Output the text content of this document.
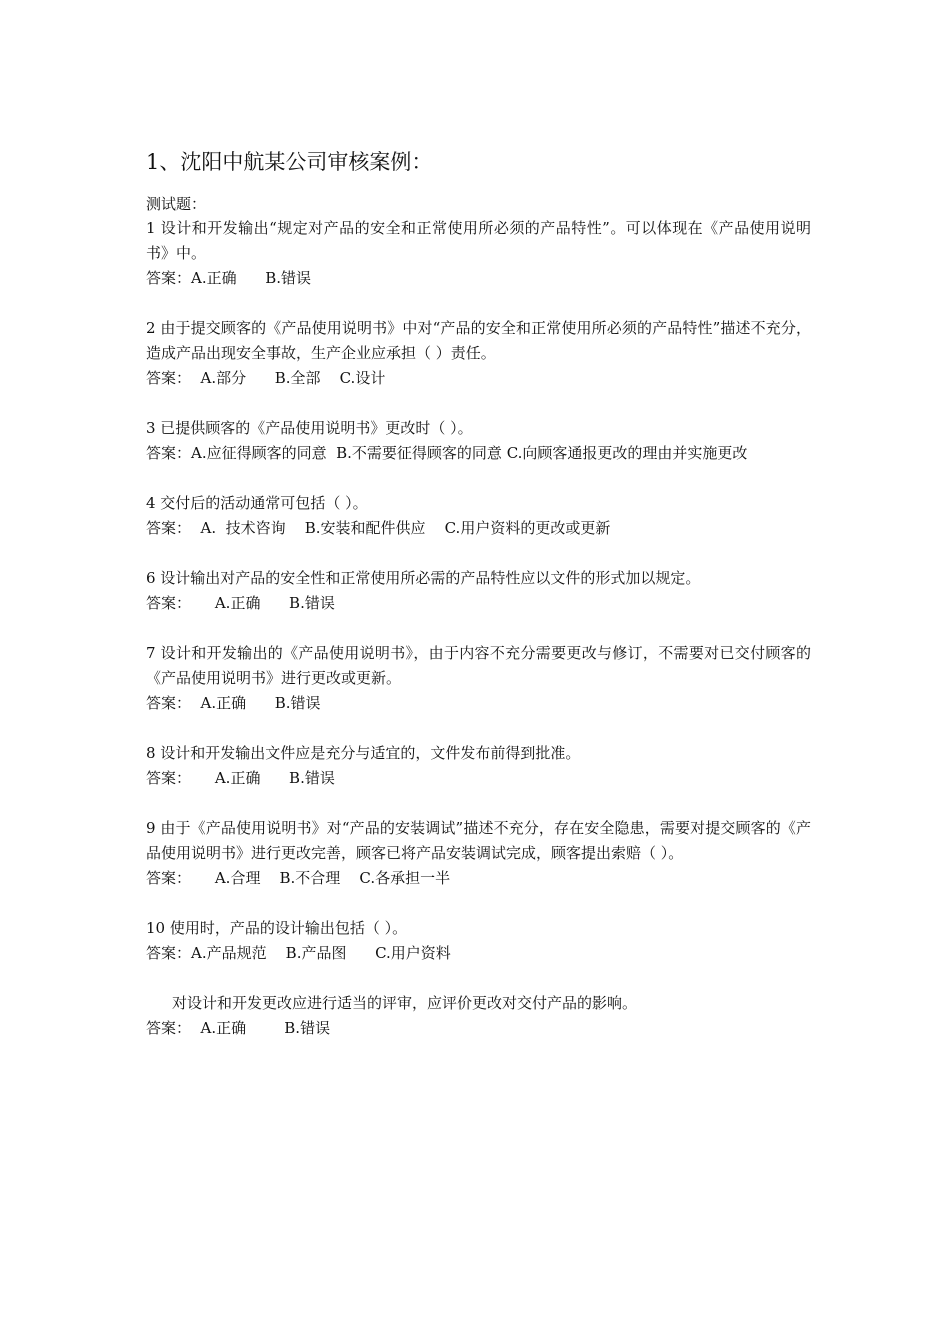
1、沈阳中航某公司审核案例：
测试题：
1 设计和开发输出“规定对产品的安全和正常使用所必须的产品特性”。可以体现在《产品使用说明书》中。
答案：A.正确      B.错误
2 由于提交顾客的《产品使用说明书》中对“产品的安全和正常使用所必须的产品特性”描述不充分，造成产品出现安全事故，生产企业应承担（ ）责任。
答案：  A.部分      B.全部    C.设计
3 已提供顾客的《产品使用说明书》更改时（ ）。
答案：A.应征得顾客的同意  B.不需要征得顾客的同意 C.向顾客通报更改的理由并实施更改
4 交付后的活动通常可包括（ ）。
答案：  A.  技术咨询    B.安装和配件供应    C.用户资料的更改或更新
6 设计输出对产品的安全性和正常使用所必需的产品特性应以文件的形式加以规定。
答案：     A.正确      B.错误
7 设计和开发输出的《产品使用说明书》，由于内容不充分需要更改与修订，不需要对已交付顾客的《产品使用说明书》进行更改或更新。
答案：  A.正确      B.错误
8 设计和开发输出文件应是充分与适宜的，文件发布前得到批准。
答案：     A.正确      B.错误
9 由于《产品使用说明书》对“产品的安装调试”描述不充分，存在安全隐患，需要对提交顾客的《产品使用说明书》进行更改完善，顾客已将产品安装调试完成，顾客提出索赔（ ）。
答案：     A.合理    B.不合理    C.各承担一半
10 使用时，产品的设计输出包括（ ）。
答案：A.产品规范    B.产品图      C.用户资料
对设计和开发更改应进行适当的评审，应评价更改对交付产品的影响。
答案：  A.正确        B.错误
